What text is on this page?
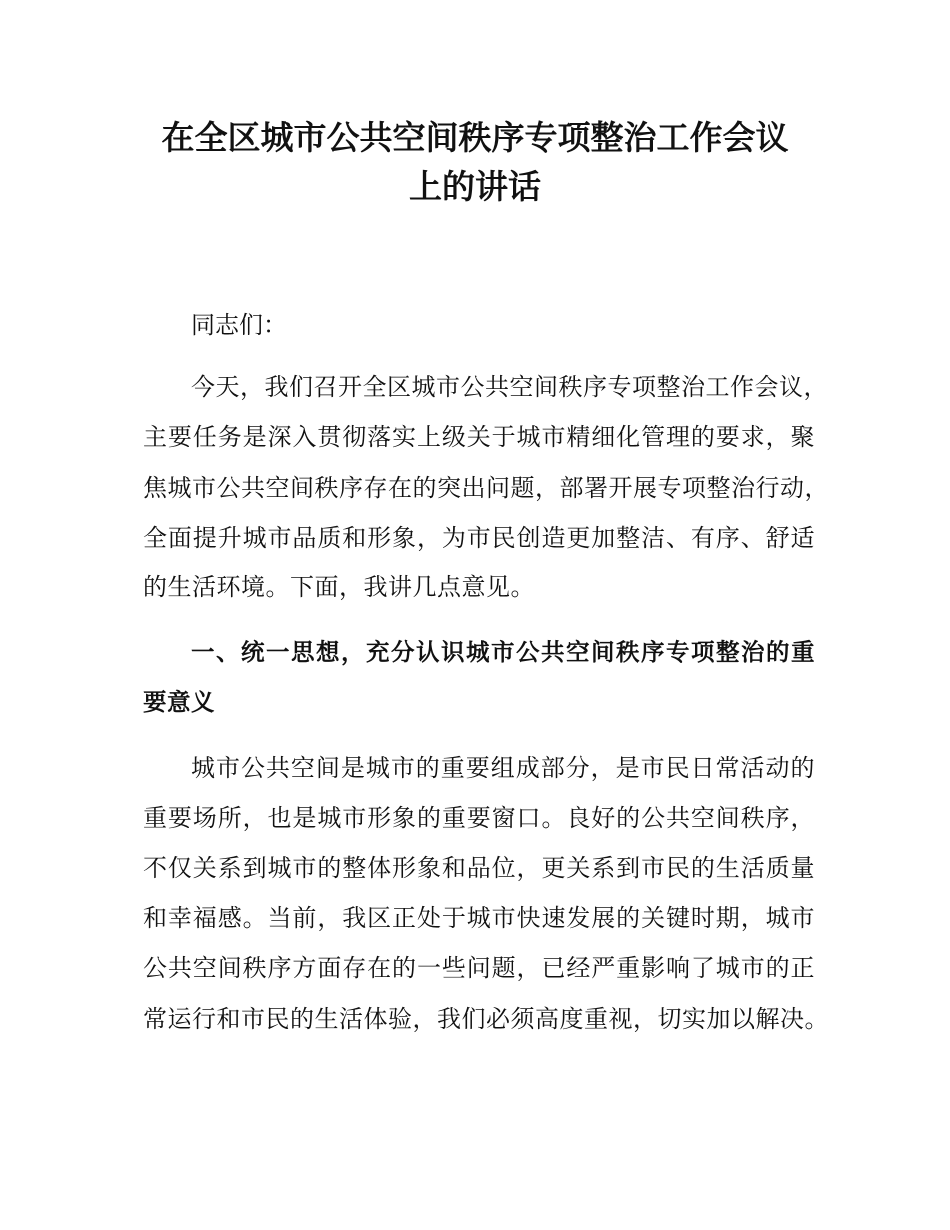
在全区城市公共空间秩序专项整治工作会议
上的讲话

同志们：

今天，我们召开全区城市公共空间秩序专项整治工作会议，

主要任务是深入贯彻落实上级关于城市精细化管理的要求，聚

焦城市公共空间秩序存在的突出问题，部署开展专项整治行动，

全面提升城市品质和形象，为市民创造更加整洁、有序、舒适

的生活环境。下面，我讲几点意见。

一、统一思想，充分认识城市公共空间秩序专项整治的重

要意义

城市公共空间是城市的重要组成部分，是市民日常活动的

重要场所，也是城市形象的重要窗口。良好的公共空间秩序，

不仅关系到城市的整体形象和品位，更关系到市民的生活质量

和幸福感。当前，我区正处于城市快速发展的关键时期，城市

公共空间秩序方面存在的一些问题，已经严重影响了城市的正

常运行和市民的生活体验，我们必须高度重视，切实加以解决。
